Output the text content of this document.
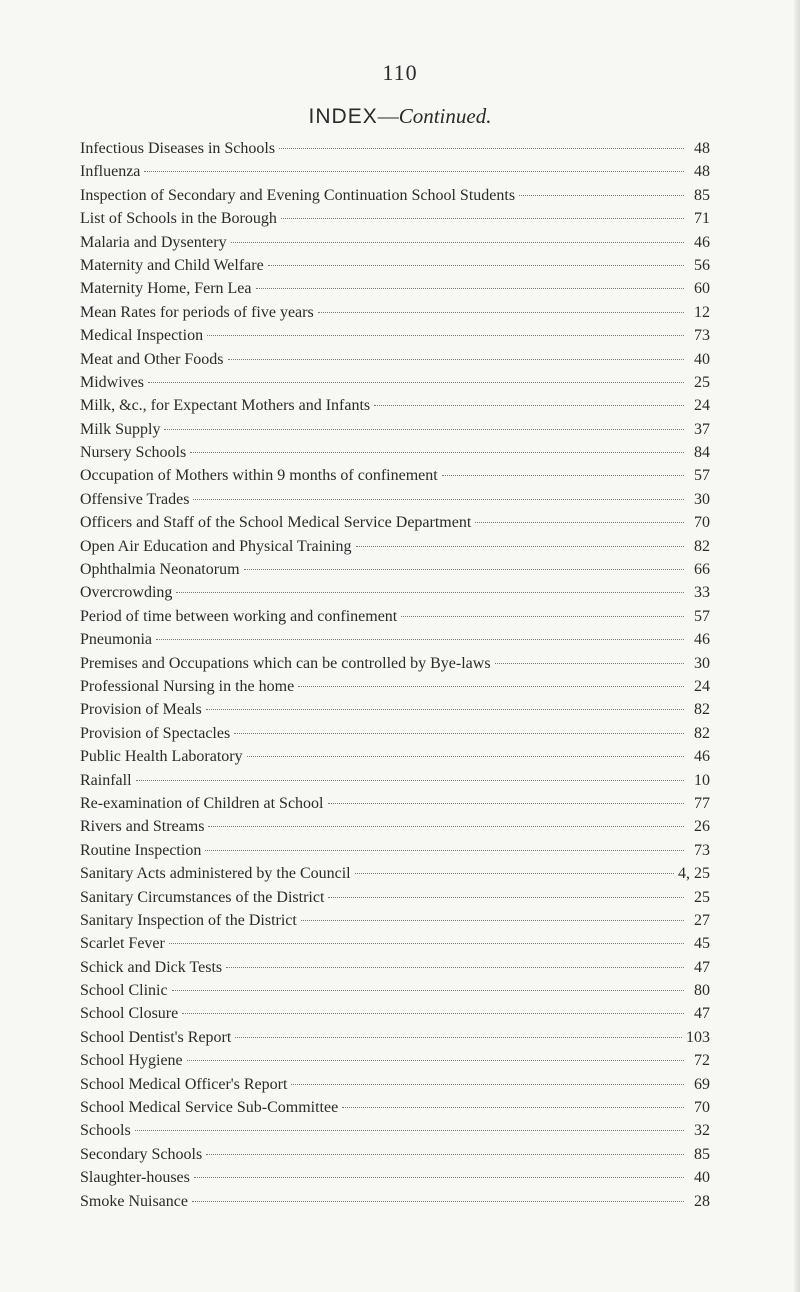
110
INDEX—Continued.
Infectious Diseases in Schools	48
Influenza	48
Inspection of Secondary and Evening Continuation School Students	85
List of Schools in the Borough	71
Malaria and Dysentery	46
Maternity and Child Welfare	56
Maternity Home, Fern Lea	60
Mean Rates for periods of five years	12
Medical Inspection	73
Meat and Other Foods	40
Midwives	25
Milk, &c., for Expectant Mothers and Infants	24
Milk Supply	37
Nursery Schools	84
Occupation of Mothers within 9 months of confinement	57
Offensive Trades	30
Officers and Staff of the School Medical Service Department	70
Open Air Education and Physical Training	82
Ophthalmia Neonatorum	66
Overcrowding	33
Period of time between working and confinement	57
Pneumonia	46
Premises and Occupations which can be controlled by Bye-laws	30
Professional Nursing in the home	24
Provision of Meals	82
Provision of Spectacles	82
Public Health Laboratory	46
Rainfall	10
Re-examination of Children at School	77
Rivers and Streams	26
Routine Inspection	73
Sanitary Acts administered by the Council	4, 25
Sanitary Circumstances of the District	25
Sanitary Inspection of the District	27
Scarlet Fever	45
Schick and Dick Tests	47
School Clinic	80
School Closure	47
School Dentist's Report	103
School Hygiene	72
School Medical Officer's Report	69
School Medical Service Sub-Committee	70
Schools	32
Secondary Schools	85
Slaughter-houses	40
Smoke Nuisance	28
